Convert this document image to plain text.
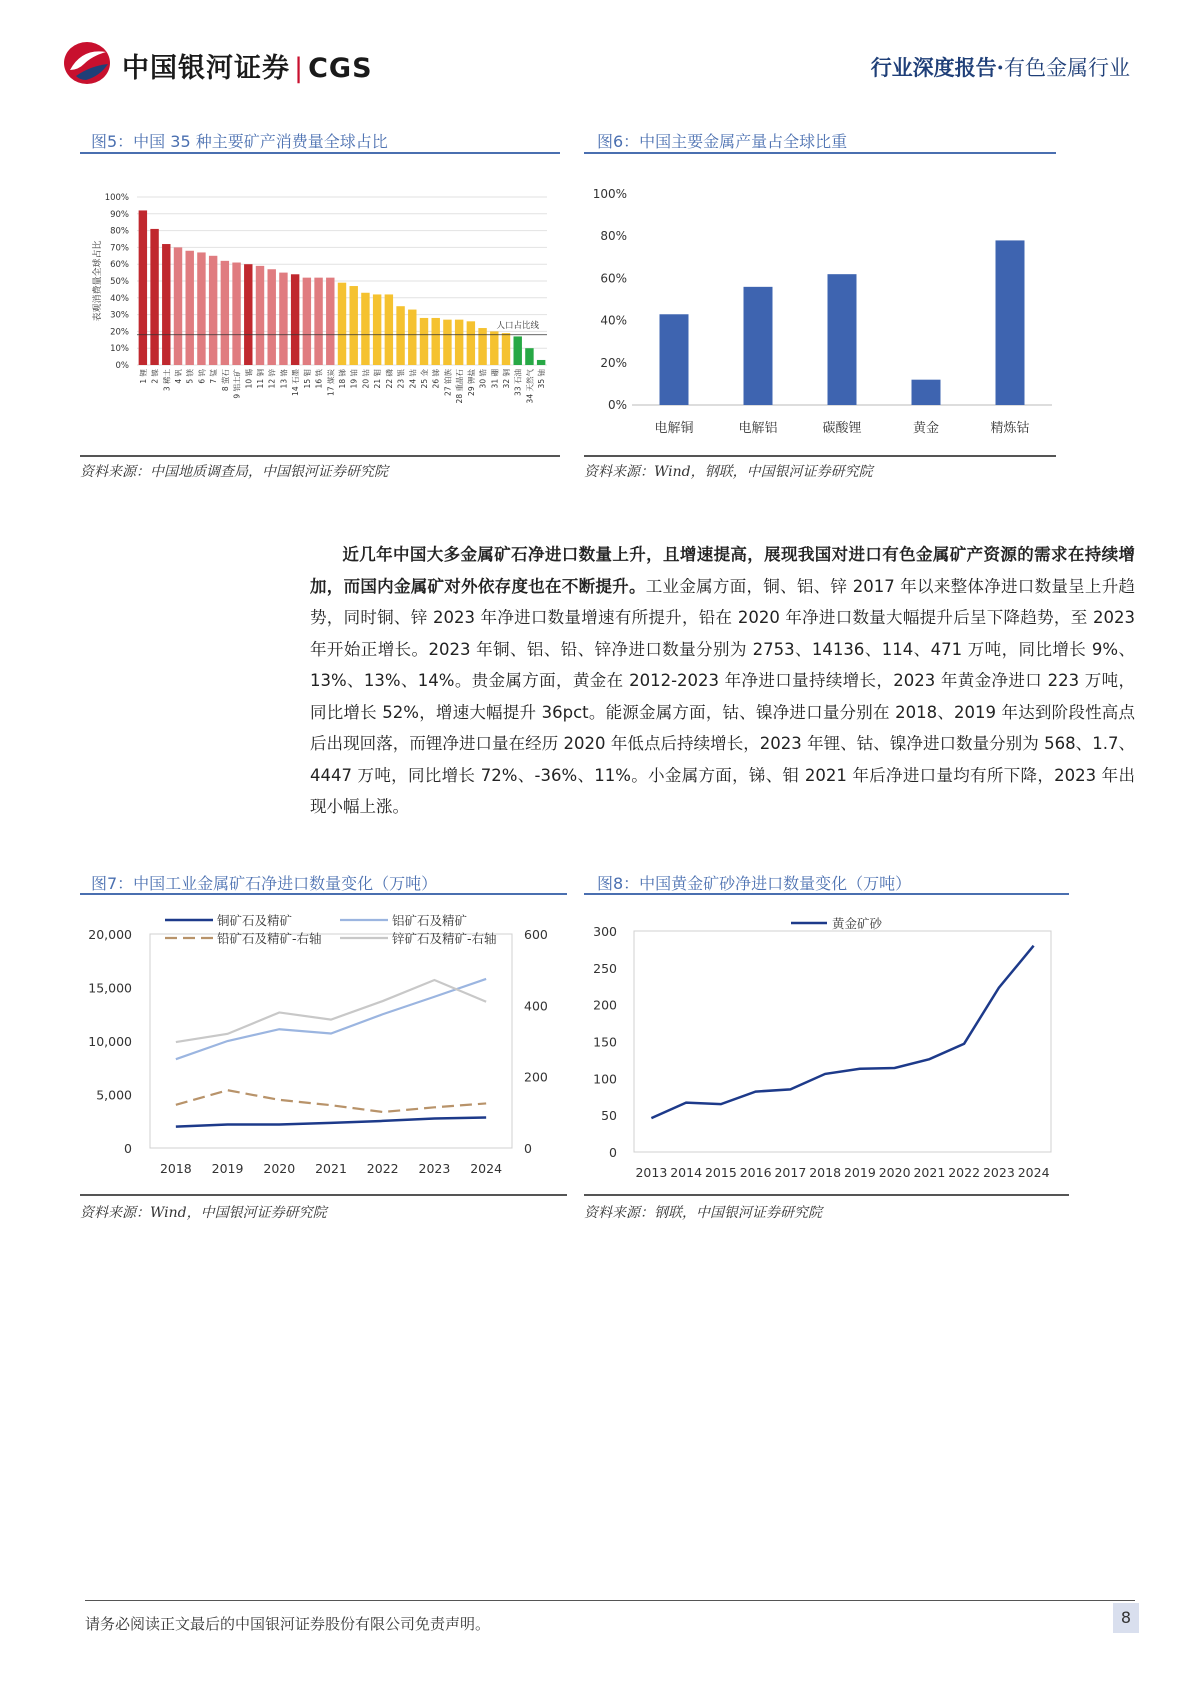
中国银河证券 | CGS	行业深度报告·有色金属行业
图5：中国 35 种主要矿产消费量全球占比
0%
10%
20%
30%
40%
50%
60%
70%
80%
90%
100%
表观消费量全球占比
1 锂 2 镍 3 稀土 4 钒 5 镁 6 钨 7 锰 8 萤石 9 铝土矿 10 锡 11 铜 12 锌 13 铬 14 石墨 15 钼 16 铁 17 煤炭 18 锑 19 铂 20 钴 21 钼 22 磷 23 银 24 钴 25 金 26 锑 27 铂族 28 重晶石 29 钾盐 30 锆 31 硼 32 铜 33 石油 34 天然气 35 铀
人口占比线
资料来源：中国地质调查局，中国银河证券研究院
图6：中国主要金属产量占全球比重
0%
20%
40%
60%
80%
100%
电解铜	电解铝	碳酸锂	黄金	精炼钴
资料来源：Wind，钢联，中国银河证券研究院
近几年中国大多金属矿石净进口数量上升，且增速提高，展现我国对进口有色金属矿产资源的需求在持续增加，而国内金属矿对外依存度也在不断提升。工业金属方面，铜、铝、锌 2017 年以来整体净进口数量呈上升趋势，同时铜、锌 2023 年净进口数量增速有所提升，铅在 2020 年净进口数量大幅提升后呈下降趋势，至 2023 年开始正增长。2023 年铜、铝、铅、锌净进口数量分别为 2753、14136、114、471 万吨，同比增长 9%、13%、13%、14%。贵金属方面，黄金在 2012-2023 年净进口量持续增长，2023 年黄金净进口 223 万吨，同比增长 52%，增速大幅提升 36pct。能源金属方面，钴、镍净进口量分别在 2018、2019 年达到阶段性高点后出现回落，而锂净进口量在经历 2020 年低点后持续增长，2023 年锂、钴、镍净进口数量分别为 568、1.7、4447 万吨，同比增长 72%、-36%、11%。小金属方面，锑、钼 2021 年后净进口量均有所下降，2023 年出现小幅上涨。
图7：中国工业金属矿石净进口数量变化（万吨）
0
5,000
10,000
15,000
20,000
0
200
400
600
2018 2019 2020 2021 2022 2023 2024
铜矿石及精矿	铝矿石及精矿
铅矿石及精矿-右轴	锌矿石及精矿-右轴
资料来源：Wind，中国银河证券研究院
图8：中国黄金矿砂净进口数量变化（万吨）
0
50
100
150
200
250
300
2013 2014 2015 2016 2017 2018 2019 2020 2021 2022 2023 2024
黄金矿砂
资料来源：钢联，中国银河证券研究院
请务必阅读正文最后的中国银河证券股份有限公司免责声明。	8
